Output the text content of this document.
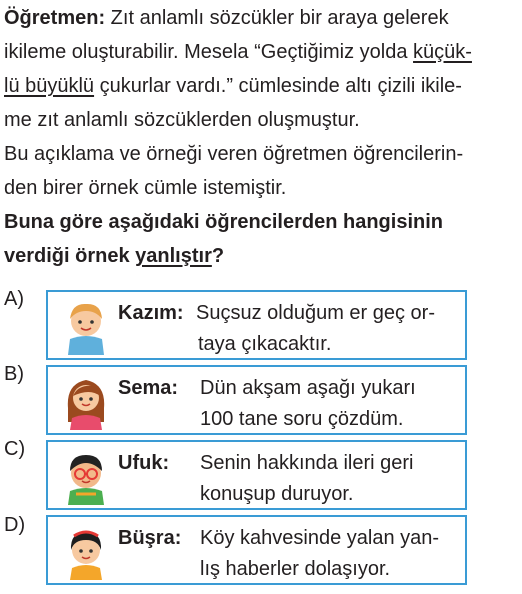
Öğretmen: Zıt anlamlı sözcükler bir araya gelerek
ikileme oluşturabilir. Mesela “Geçtiğimiz yolda küçük-
lü büyüklü çukurlar vardı.” cümlesinde altı çizili ikile-
me zıt anlamlı sözcüklerden oluşmuştur.
Bu açıklama ve örneği veren öğretmen öğrencilerin-
den birer örnek cümle istemiştir.
Buna göre aşağıdaki öğrencilerden hangisinin
verdiği örnek yanlıştır?
A)
Kazım: Suçsuz olduğum er geç or-
taya çıkacaktır.
B)
Sema: Dün akşam aşağı yukarı
100 tane soru çözdüm.
C)
Ufuk: Senin hakkında ileri geri
konuşup duruyor.
D)
Büşra: Köy kahvesinde yalan yan-
lış haberler dolaşıyor.
